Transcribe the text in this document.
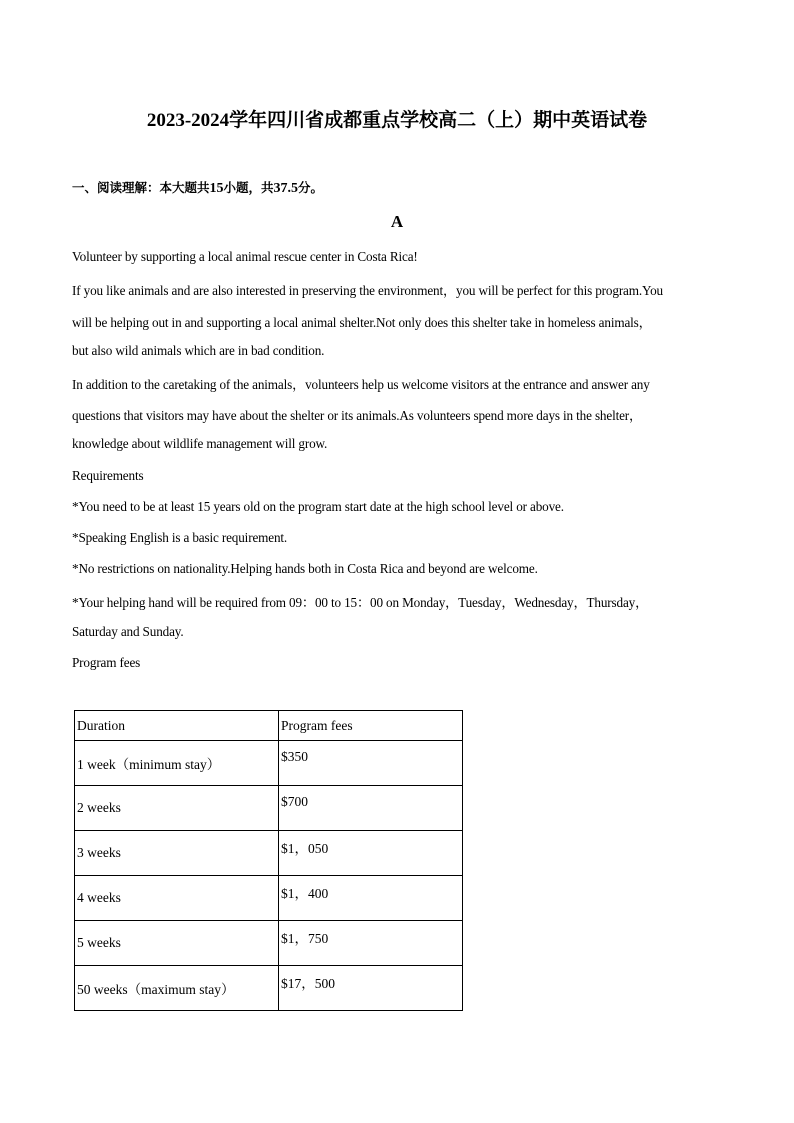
2023-2024学年四川省成都重点学校高二（上）期中英语试卷

一、阅读理解：本大题共15小题，共37.5分。

A

Volunteer by supporting a local animal rescue center in Costa Rica!

If you like animals and are also interested in preserving the environment，you will be perfect for this program.You

will be helping out in and supporting a local animal shelter.Not only does this shelter take in homeless animals，

but also wild animals which are in bad condition.

In addition to the caretaking of the animals，volunteers help us welcome visitors at the entrance and answer any

questions that visitors may have about the shelter or its animals.As volunteers spend more days in the shelter，

knowledge about wildlife management will grow.

Requirements

*You need to be at least 15 years old on the program start date at the high school level or above.

*Speaking English is a basic requirement.

*No restrictions on nationality.Helping hands both in Costa Rica and beyond are welcome.

*Your helping hand will be required from 09：00 to 15：00 on Monday，Tuesday，Wednesday，Thursday，

Saturday and Sunday.

Program fees

Duration	Program fees
1 week（minimum stay）	$350
2 weeks	$700
3 weeks	$1，050
4 weeks	$1，400
5 weeks	$1，750
50 weeks（maximum stay）	$17，500
